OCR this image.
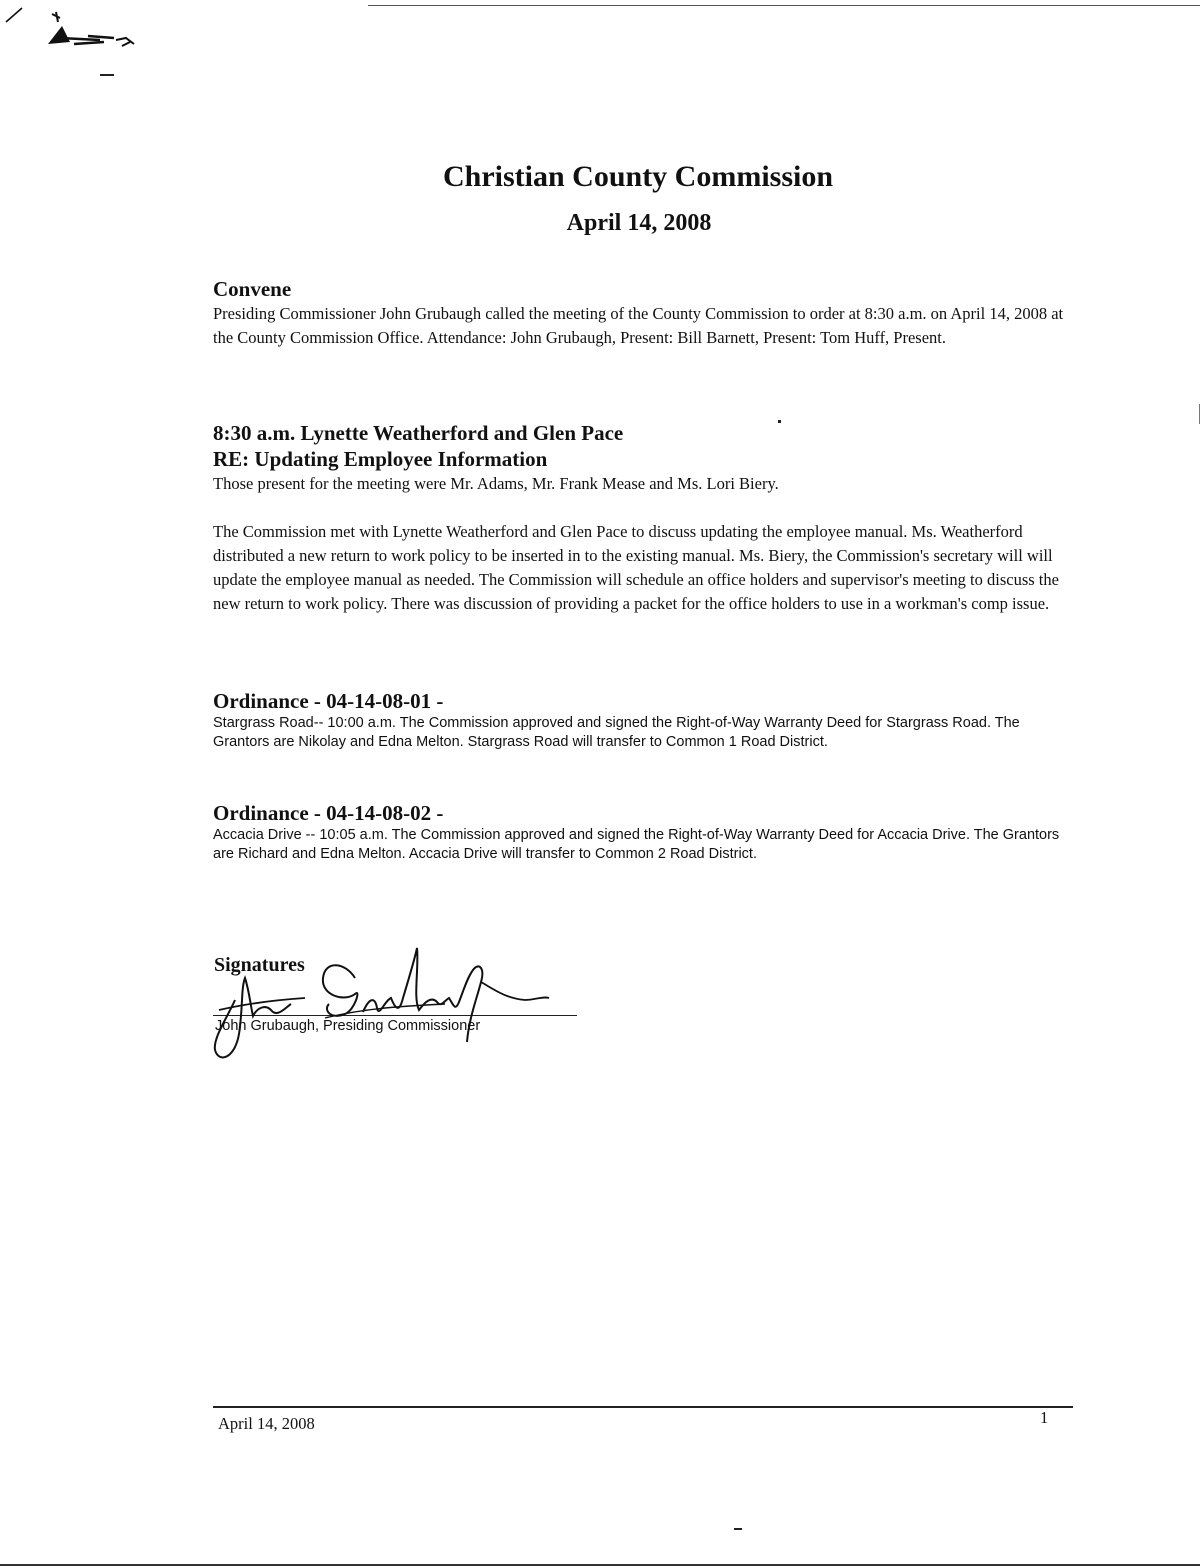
Christian County Commission
April 14, 2008
Convene

Presiding Commissioner John Grubaugh called the meeting of the County Commission to order at 8:30 a.m. on April 14, 2008 at the County Commission Office. Attendance: John Grubaugh, Present: Bill Barnett, Present: Tom Huff, Present.

8:30 a.m. Lynette Weatherford and Glen Pace
RE: Updating Employee Information

Those present for the meeting were Mr. Adams, Mr. Frank Mease and Ms. Lori Biery.

The Commission met with Lynette Weatherford and Glen Pace to discuss updating the employee manual. Ms. Weatherford distributed a new return to work policy to be inserted in to the existing manual. Ms. Biery, the Commission's secretary will will update the employee manual as needed. The Commission will schedule an office holders and supervisor's meeting to discuss the new return to work policy. There was discussion of providing a packet for the office holders to use in a workman's comp issue.

Ordinance - 04-14-08-01 -

Stargrass Road-- 10:00 a.m. The Commission approved and signed the Right-of-Way Warranty Deed for Stargrass Road. The Grantors are Nikolay and Edna Melton. Stargrass Road will transfer to Common 1 Road District.

Ordinance - 04-14-08-02 -

Accacia Drive -- 10:05 a.m. The Commission approved and signed the Right-of-Way Warranty Deed for Accacia Drive. The Grantors are Richard and Edna Melton. Accacia Drive will transfer to Common 2 Road District.

Signatures

John Grubaugh, Presiding Commissioner

April 14, 2008	1
